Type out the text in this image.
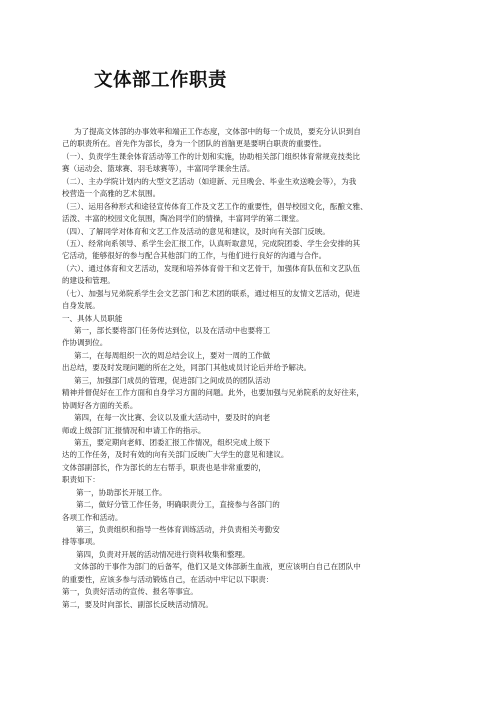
文体部工作职责
为了提高文体部的办事效率和端正工作态度，文体部中的每一个成员，要充分认识到自
己的职责所在。首先作为部长，身为一个团队的首脑更是要明白职责的重要性。
（一）、负责学生课余体育活动等工作的计划和实施，协助相关部门组织体育常规竞技类比
赛（运动会、篮球赛、羽毛球赛等），丰富同学课余生活。
（二）、主办学院计划内的大型文艺活动（如迎新、元旦晚会、毕业生欢送晚会等），为我
校营造一个高雅的艺术氛围。
（三）、运用各种形式和途径宣传体育工作及文艺工作的重要性，倡导校园文化，酝酿文雅、
活泼、丰富的校园文化氛围，陶冶同学们的情操，丰富同学的第二课堂。
（四）、了解同学对体育和文艺工作及活动的意见和建议，及时向有关部门反映。
（五）、经常向系领导、系学生会汇报工作，认真听取意见，完成院团委、学生会安排的其
它活动，能够很好的参与配合其他部门的工作，与他们进行良好的沟通与合作。
（六）、通过体育和文艺活动，发现和培养体育骨干和文艺骨干，加强体育队伍和文艺队伍
的建设和管理。
（七）、加强与兄弟院系学生会文艺部门和艺术团的联系，通过相互的友情文艺活动，促进
自身发展。
一、具体人员职能
第一，部长要将部门任务传达到位，以及在活动中也要将工
作协调到位。
第二，在每周组织一次的周总结会议上，要对一周的工作做
出总结，要及时发现问题的所在之处，同部门其他成员讨论后并给予解决。
第三，加强部门成员的管理，促进部门之间成员的团队活动
精神并督促好在工作方面和自身学习方面的问题。此外，也要加强与兄弟院系的友好往来，
协调好各方面的关系。
第四，在每一次比赛、会议以及重大活动中，要及时的向老
师或上级部门汇报情况和申请工作的指示。
第五，要定期向老师、团委汇报工作情况，组织完成上级下
达的工作任务，及时有效的向有关部门反映广大学生的意见和建议。
文体部副部长，作为部长的左右帮手，职责也是非常重要的，
职责如下：
第一，协助部长开展工作。
第二，做好分管工作任务，明确职责分工，直接参与各部门的
各项工作和活动。
第三，负责组织和指导一些体育训练活动，并负责相关考勤安
排等事项。
第四，负责对开展的活动情况进行资料收集和整理。
文体部的干事作为部门的后备军，他们又是文体部新生血液，更应该明白自己在团队中
的重要性，应该多参与活动锻炼自己，在活动中牢记以下职责：
第一，负责好活动的宣传、报名等事宜。
第二，要及时向部长、副部长反映活动情况。
